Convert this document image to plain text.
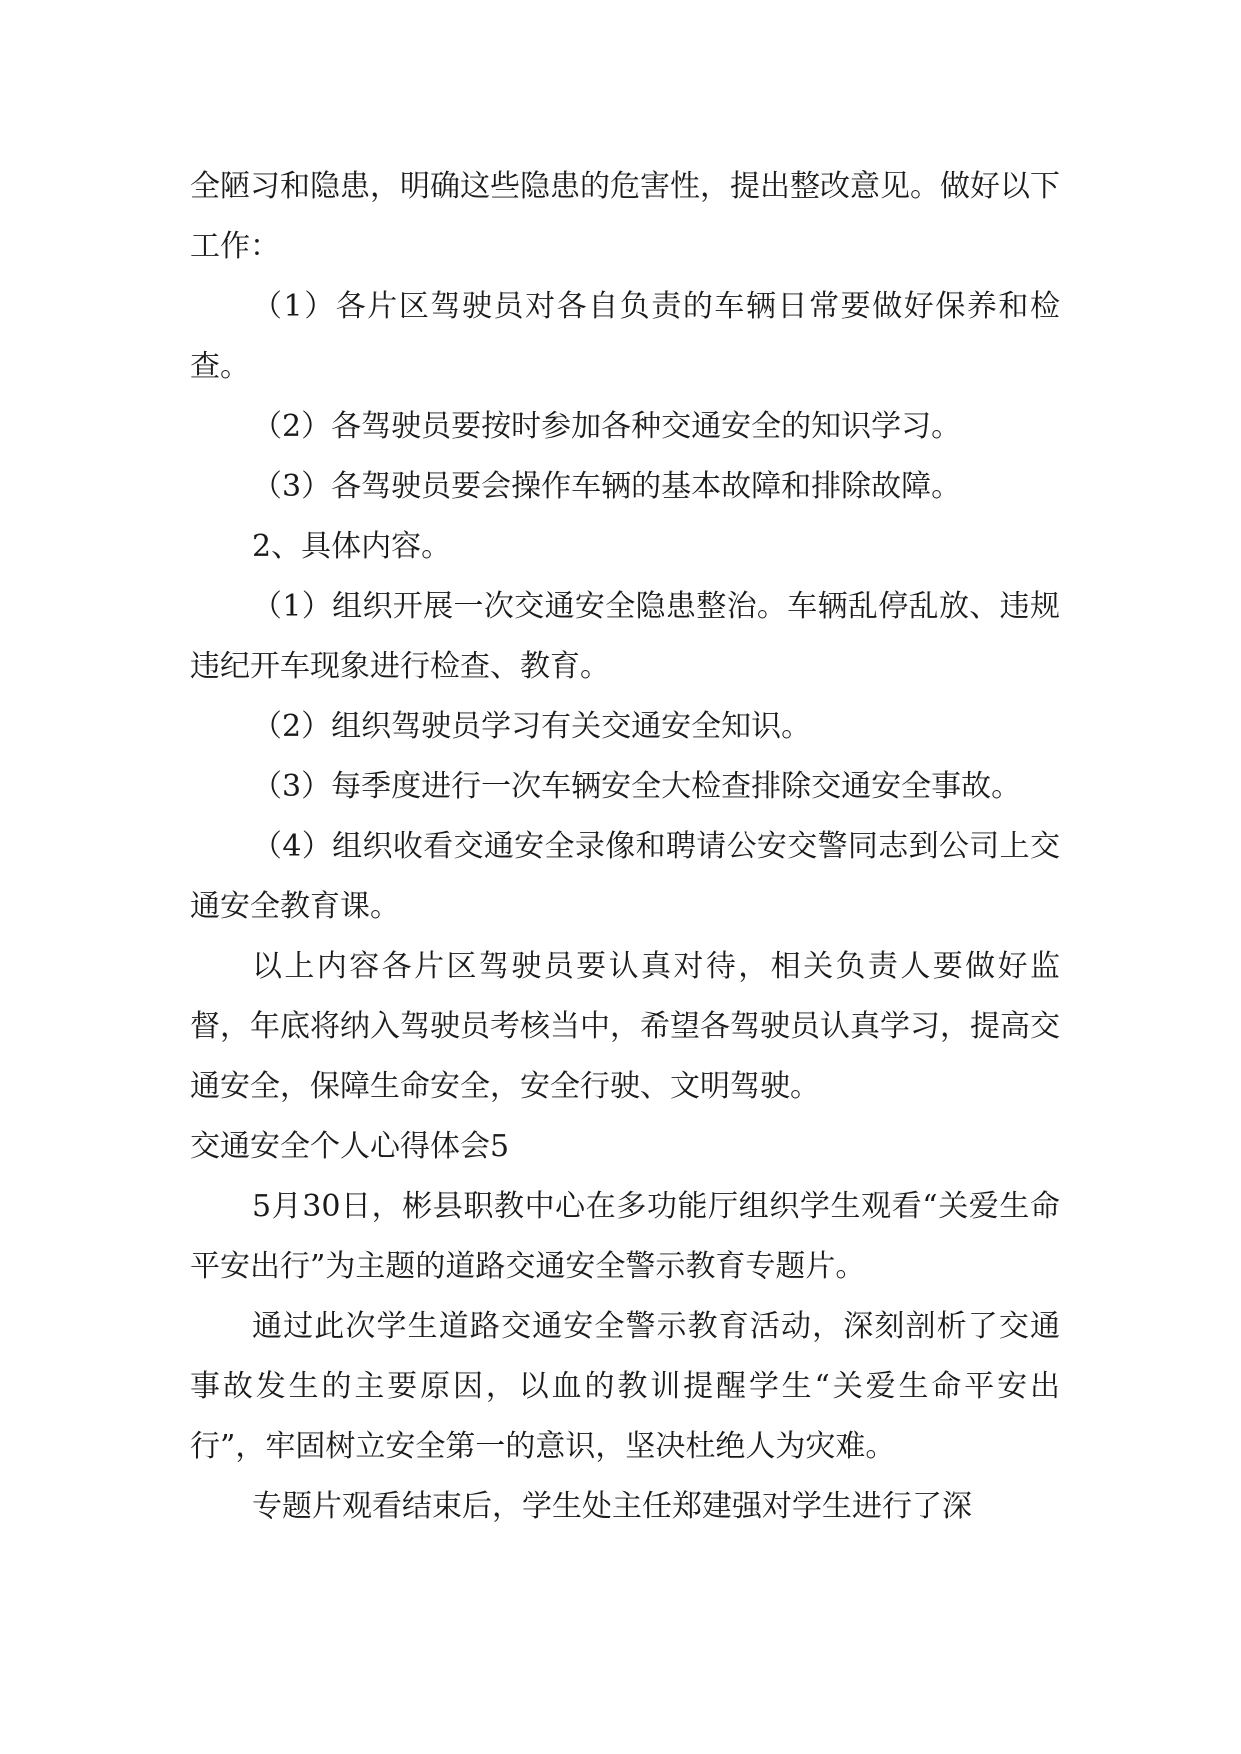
全陋习和隐患，明确这些隐患的危害性，提出整改意见。做好以下工作：

（1）各片区驾驶员对各自负责的车辆日常要做好保养和检查。

（2）各驾驶员要按时参加各种交通安全的知识学习。

（3）各驾驶员要会操作车辆的基本故障和排除故障。

2、具体内容。

（1）组织开展一次交通安全隐患整治。车辆乱停乱放、违规违纪开车现象进行检查、教育。

（2）组织驾驶员学习有关交通安全知识。

（3）每季度进行一次车辆安全大检查排除交通安全事故。

（4）组织收看交通安全录像和聘请公安交警同志到公司上交通安全教育课。

以上内容各片区驾驶员要认真对待，相关负责人要做好监督，年底将纳入驾驶员考核当中，希望各驾驶员认真学习，提高交通安全，保障生命安全，安全行驶、文明驾驶。

交通安全个人心得体会5

5月30日，彬县职教中心在多功能厅组织学生观看“关爱生命平安出行”为主题的道路交通安全警示教育专题片。

通过此次学生道路交通安全警示教育活动，深刻剖析了交通事故发生的主要原因，以血的教训提醒学生“关爱生命平安出行”，牢固树立安全第一的意识，坚决杜绝人为灾难。

专题片观看结束后，学生处主任郑建强对学生进行了深
